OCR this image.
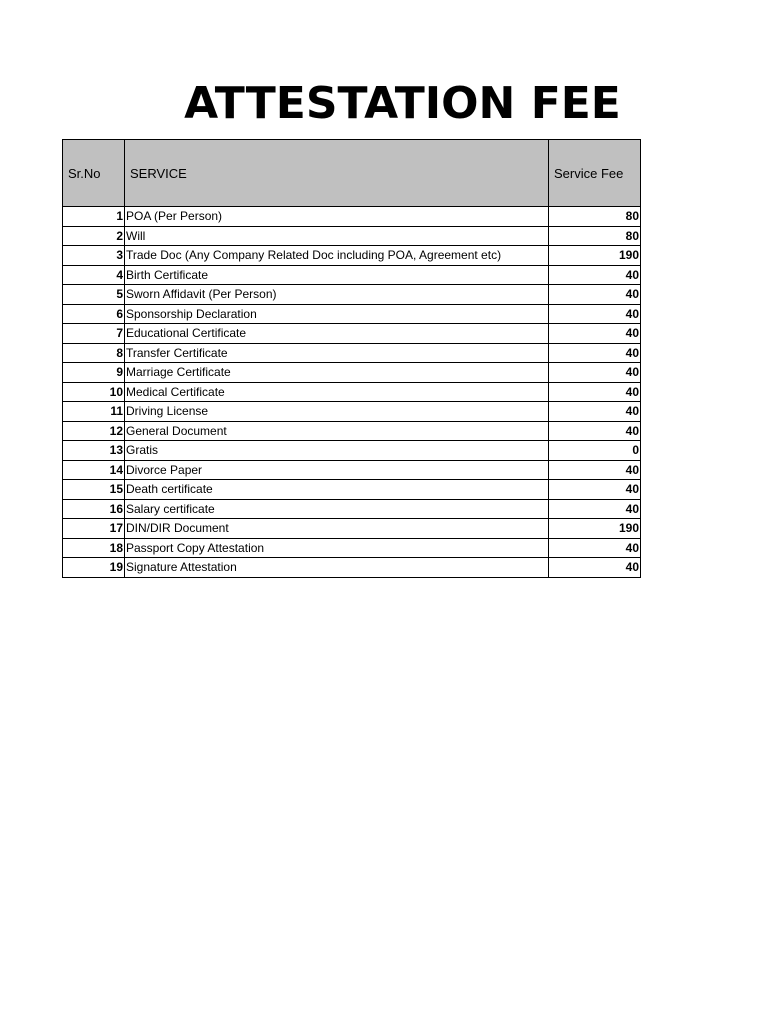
ATTESTATION FEE
Sr.No	SERVICE	Service Fee
1	POA (Per Person)	80
2	Will	80
3	Trade Doc (Any Company Related Doc including POA, Agreement etc)	190
4	Birth Certificate	40
5	Sworn Affidavit (Per Person)	40
6	Sponsorship Declaration	40
7	Educational Certificate	40
8	Transfer Certificate	40
9	Marriage Certificate	40
10	Medical Certificate	40
11	Driving License	40
12	General Document	40
13	Gratis	0
14	Divorce Paper	40
15	Death certificate	40
16	Salary certificate	40
17	DIN/DIR Document	190
18	Passport Copy Attestation	40
19	Signature Attestation	40
